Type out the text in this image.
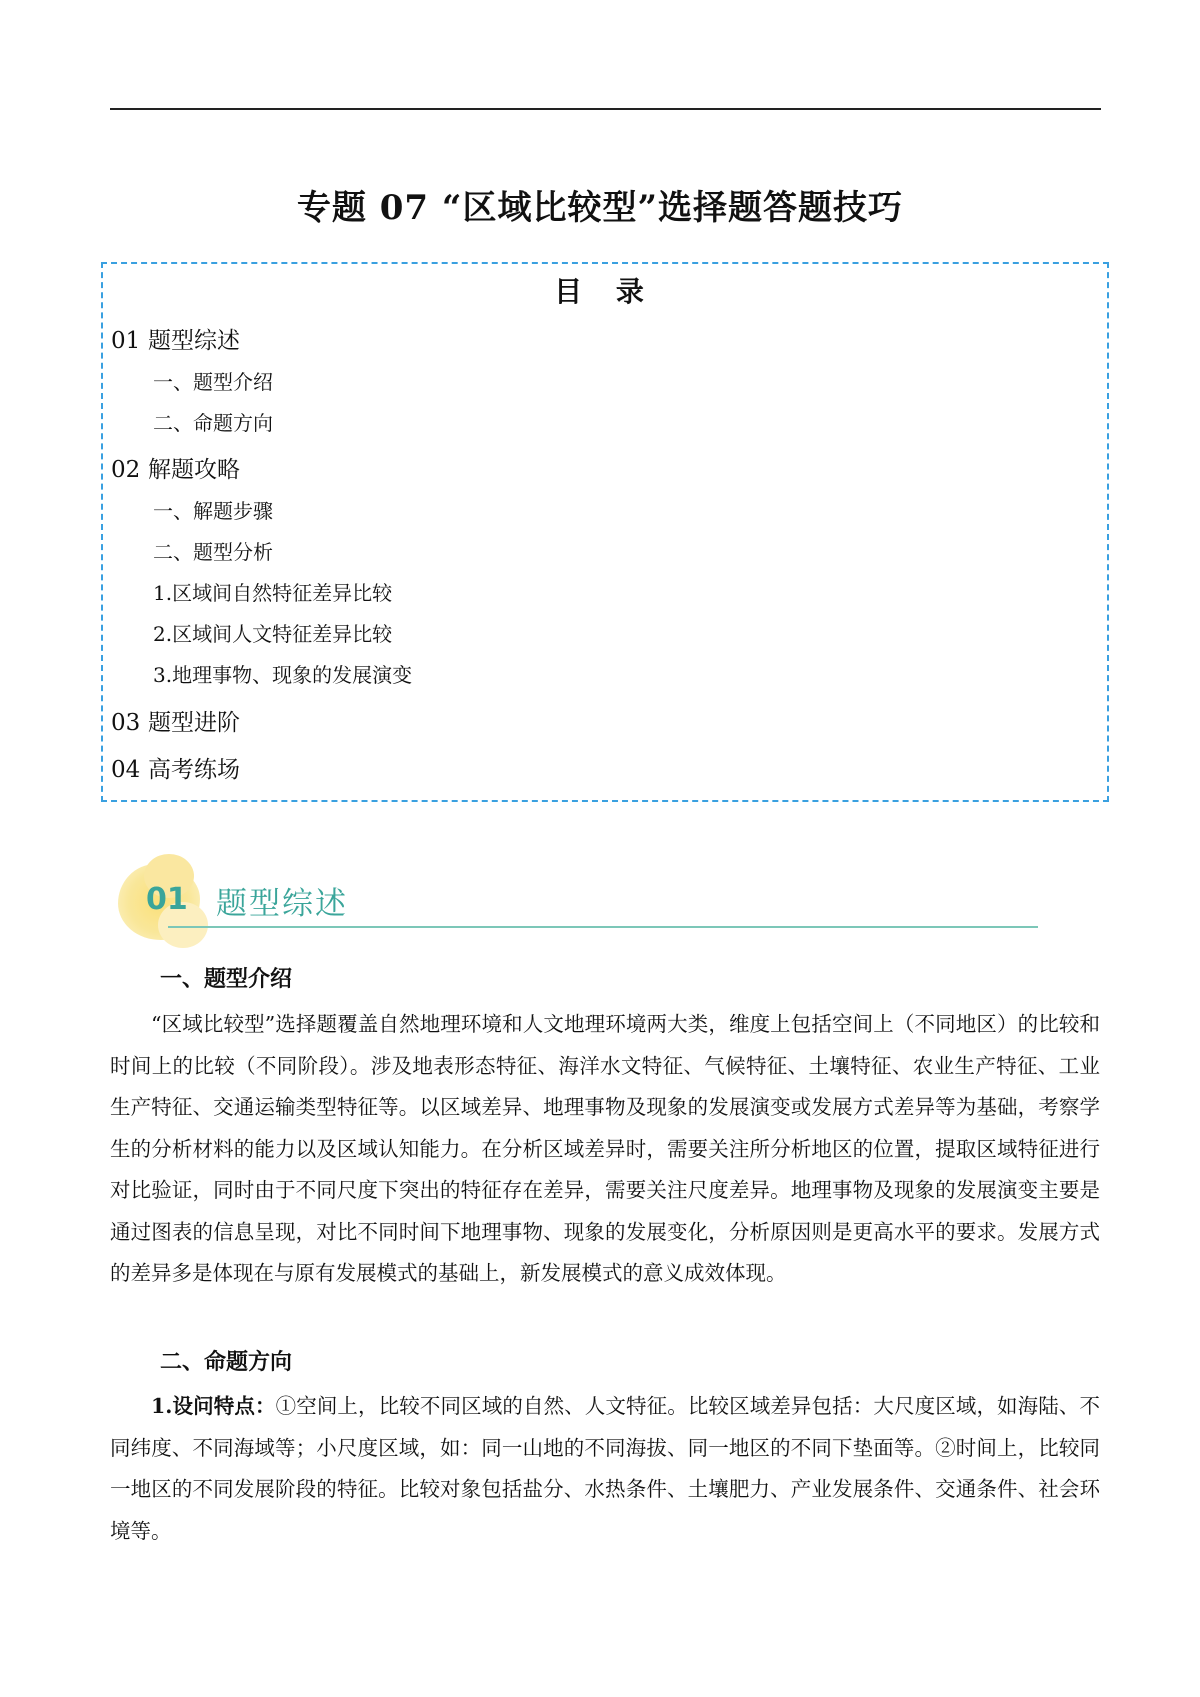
专题 07 “区域比较型”选择题答题技巧
目 录
01 题型综述
一、题型介绍
二、命题方向
02 解题攻略
一、解题步骤
二、题型分析
1.区域间自然特征差异比较
2.区域间人文特征差异比较
3.地理事物、现象的发展演变
03 题型进阶
04 高考练场
01 题型综述
一、题型介绍
“区域比较型”选择题覆盖自然地理环境和人文地理环境两大类，维度上包括空间上（不同地区）的比较和时间上的比较（不同阶段）。涉及地表形态特征、海洋水文特征、气候特征、土壤特征、农业生产特征、工业生产特征、交通运输类型特征等。以区域差异、地理事物及现象的发展演变或发展方式差异等为基础，考察学生的分析材料的能力以及区域认知能力。在分析区域差异时，需要关注所分析地区的位置，提取区域特征进行对比验证，同时由于不同尺度下突出的特征存在差异，需要关注尺度差异。地理事物及现象的发展演变主要是通过图表的信息呈现，对比不同时间下地理事物、现象的发展变化，分析原因则是更高水平的要求。发展方式的差异多是体现在与原有发展模式的基础上，新发展模式的意义成效体现。
二、命题方向
1.设问特点：①空间上，比较不同区域的自然、人文特征。比较区域差异包括：大尺度区域，如海陆、不同纬度、不同海域等；小尺度区域，如：同一山地的不同海拔、同一地区的不同下垫面等。②时间上，比较同一地区的不同发展阶段的特征。比较对象包括盐分、水热条件、土壤肥力、产业发展条件、交通条件、社会环境等。
